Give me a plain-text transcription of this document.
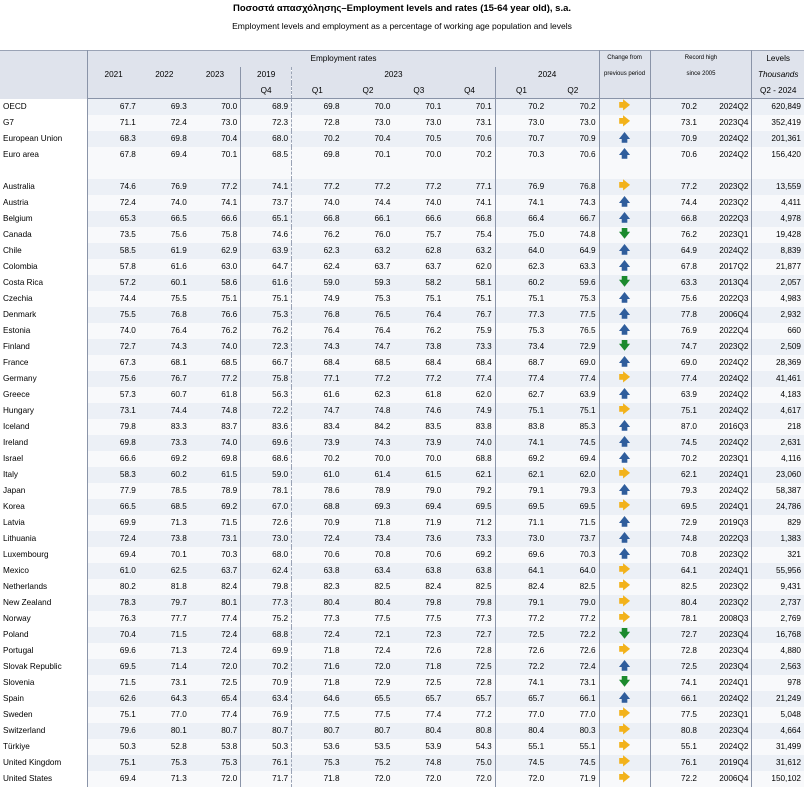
Ποσοστά απασχόλησης–Employment levels and rates (15-64 year old), s.a.
Employment levels and employment as a percentage of working age population and levels
	Employment rates										Change from	Record high		Levels
	2021	2022	2023	2019	2023				2024		previous period	since 2005		Thousands
				Q4	Q1	Q2	Q3	Q4	Q1	Q2				Q2 - 2024
OECD	67.7	69.3	70.0	68.9	69.8	70.0	70.1	70.1	70.2	70.2	🡆	70.2	2024Q2	620,849
G7	71.1	72.4	73.0	72.3	72.8	73.0	73.0	73.1	73.0	73.0	🡆	73.1	2023Q4	352,419
European Union	68.3	69.8	70.4	68.0	70.2	70.4	70.5	70.6	70.7	70.9	🡅	70.9	2024Q2	201,361
Euro area	67.8	69.4	70.1	68.5	69.8	70.1	70.0	70.2	70.3	70.6	🡅	70.6	2024Q2	156,420

Australia	74.6	76.9	77.2	74.1	77.2	77.2	77.2	77.1	76.9	76.8	🡆	77.2	2023Q2	13,559
Austria	72.4	74.0	74.1	73.7	74.0	74.4	74.0	74.1	74.1	74.3	🡅	74.4	2023Q2	4,411
Belgium	65.3	66.5	66.6	65.1	66.8	66.1	66.6	66.8	66.4	66.7	🡅	66.8	2022Q3	4,978
Canada	73.5	75.6	75.8	74.6	76.2	76.0	75.7	75.4	75.0	74.8	🡇	76.2	2023Q1	19,428
Chile	58.5	61.9	62.9	63.9	62.3	63.2	62.8	63.2	64.0	64.9	🡅	64.9	2024Q2	8,839
Colombia	57.8	61.6	63.0	64.7	62.4	63.7	63.7	62.0	62.3	63.3	🡅	67.8	2017Q2	21,877
Costa Rica	57.2	60.1	58.6	61.6	59.0	59.3	58.2	58.1	60.2	59.6	🡇	63.3	2013Q4	2,057
Czechia	74.4	75.5	75.1	75.1	74.9	75.3	75.1	75.1	75.1	75.3	🡅	75.6	2022Q3	4,983
Denmark	75.5	76.8	76.6	75.3	76.8	76.5	76.4	76.7	77.3	77.5	🡅	77.8	2006Q4	2,932
Estonia	74.0	76.4	76.2	76.2	76.4	76.4	76.2	75.9	75.3	76.5	🡅	76.9	2022Q4	660
Finland	72.7	74.3	74.0	72.3	74.3	74.7	73.8	73.3	73.4	72.9	🡇	74.7	2023Q2	2,509
France	67.3	68.1	68.5	66.7	68.4	68.5	68.4	68.4	68.7	69.0	🡅	69.0	2024Q2	28,369
Germany	75.6	76.7	77.2	75.8	77.1	77.2	77.2	77.4	77.4	77.4	🡆	77.4	2024Q2	41,461
Greece	57.3	60.7	61.8	56.3	61.6	62.3	61.8	62.0	62.7	63.9	🡅	63.9	2024Q2	4,183
Hungary	73.1	74.4	74.8	72.2	74.7	74.8	74.6	74.9	75.1	75.1	🡆	75.1	2024Q2	4,617
Iceland	79.8	83.3	83.7	83.6	83.4	84.2	83.5	83.8	83.8	85.3	🡅	87.0	2016Q3	218
Ireland	69.8	73.3	74.0	69.6	73.9	74.3	73.9	74.0	74.1	74.5	🡅	74.5	2024Q2	2,631
Israel	66.6	69.2	69.8	68.6	70.2	70.0	70.0	68.8	69.2	69.4	🡅	70.2	2023Q1	4,116
Italy	58.3	60.2	61.5	59.0	61.0	61.4	61.5	62.1	62.1	62.0	🡆	62.1	2024Q1	23,060
Japan	77.9	78.5	78.9	78.1	78.6	78.9	79.0	79.2	79.1	79.3	🡅	79.3	2024Q2	58,387
Korea	66.5	68.5	69.2	67.0	68.8	69.3	69.4	69.5	69.5	69.5	🡆	69.5	2024Q1	24,786
Latvia	69.9	71.3	71.5	72.6	70.9	71.8	71.9	71.2	71.1	71.5	🡅	72.9	2019Q3	829
Lithuania	72.4	73.8	73.1	73.0	72.4	73.4	73.6	73.3	73.0	73.7	🡅	74.8	2022Q3	1,383
Luxembourg	69.4	70.1	70.3	68.0	70.6	70.8	70.6	69.2	69.6	70.3	🡅	70.8	2023Q2	321
Mexico	61.0	62.5	63.7	62.4	63.8	63.4	63.8	63.8	64.1	64.0	🡆	64.1	2024Q1	55,956
Netherlands	80.2	81.8	82.4	79.8	82.3	82.5	82.4	82.5	82.4	82.5	🡆	82.5	2023Q2	9,431
New Zealand	78.3	79.7	80.1	77.3	80.4	80.4	79.8	79.8	79.1	79.0	🡆	80.4	2023Q2	2,737
Norway	76.3	77.7	77.4	75.2	77.3	77.5	77.5	77.3	77.2	77.2	🡆	78.1	2008Q3	2,769
Poland	70.4	71.5	72.4	68.8	72.4	72.1	72.3	72.7	72.5	72.2	🡇	72.7	2023Q4	16,768
Portugal	69.6	71.3	72.4	69.9	71.8	72.4	72.6	72.8	72.6	72.6	🡆	72.8	2023Q4	4,880
Slovak Republic	69.5	71.4	72.0	70.2	71.6	72.0	71.8	72.5	72.2	72.4	🡅	72.5	2023Q4	2,563
Slovenia	71.5	73.1	72.5	70.9	71.8	72.9	72.5	72.8	74.1	73.1	🡇	74.1	2024Q1	978
Spain	62.6	64.3	65.4	63.4	64.6	65.5	65.7	65.7	65.7	66.1	🡅	66.1	2024Q2	21,249
Sweden	75.1	77.0	77.4	76.9	77.5	77.5	77.4	77.2	77.0	77.0	🡆	77.5	2023Q1	5,048
Switzerland	79.6	80.1	80.7	80.7	80.7	80.7	80.4	80.8	80.4	80.3	🡆	80.8	2023Q4	4,664
Türkiye	50.3	52.8	53.8	50.3	53.6	53.5	53.9	54.3	55.1	55.1	🡆	55.1	2024Q2	31,499
United Kingdom	75.1	75.3	75.3	76.1	75.3	75.2	74.8	75.0	74.5	74.5	🡆	76.1	2019Q4	31,612
United States	69.4	71.3	72.0	71.7	71.8	72.0	72.0	72.0	72.0	71.9	🡆	72.2	2006Q4	150,102
